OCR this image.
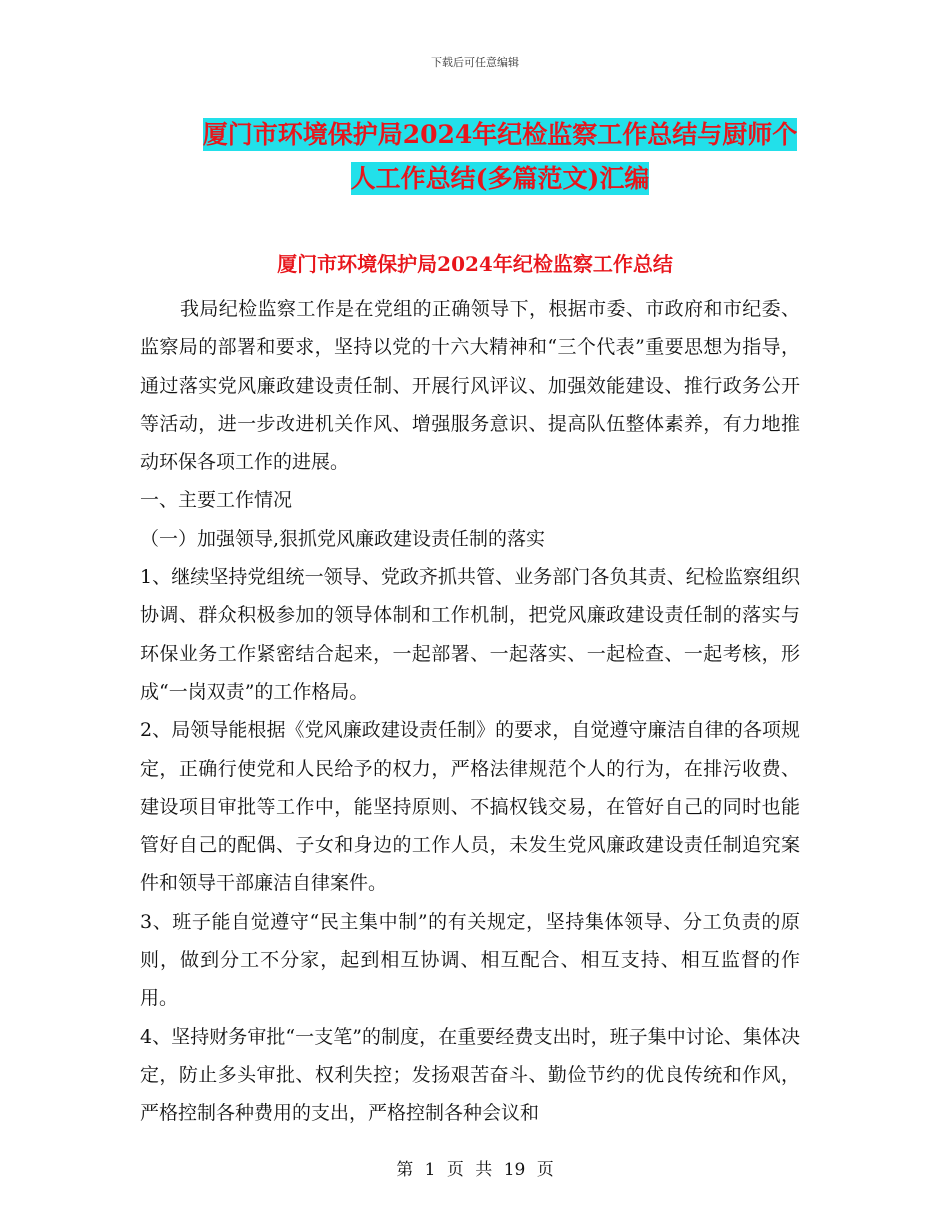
下载后可任意编辑
厦门市环境保护局2024年纪检监察工作总结与厨师个
人工作总结(多篇范文)汇编
厦门市环境保护局2024年纪检监察工作总结

我局纪检监察工作是在党组的正确领导下，根据市委、市政府和市纪委、监察局的部署和要求，坚持以党的十六大精神和“三个代表”重要思想为指导，通过落实党风廉政建设责任制、开展行风评议、加强效能建设、推行政务公开等活动，进一步改进机关作风、增强服务意识、提高队伍整体素养，有力地推动环保各项工作的进展。

一、主要工作情况

（一）加强领导,狠抓党风廉政建设责任制的落实

1、继续坚持党组统一领导、党政齐抓共管、业务部门各负其责、纪检监察组织协调、群众积极参加的领导体制和工作机制，把党风廉政建设责任制的落实与环保业务工作紧密结合起来，一起部署、一起落实、一起检查、一起考核，形成“一岗双责”的工作格局。

2、局领导能根据《党风廉政建设责任制》的要求，自觉遵守廉洁自律的各项规定，正确行使党和人民给予的权力，严格法律规范个人的行为，在排污收费、建设项目审批等工作中，能坚持原则、不搞权钱交易，在管好自己的同时也能管好自己的配偶、子女和身边的工作人员，未发生党风廉政建设责任制追究案件和领导干部廉洁自律案件。

3、班子能自觉遵守“民主集中制”的有关规定，坚持集体领导、分工负责的原则，做到分工不分家，起到相互协调、相互配合、相互支持、相互监督的作用。

4、坚持财务审批“一支笔”的制度，在重要经费支出时，班子集中讨论、集体决定，防止多头审批、权利失控；发扬艰苦奋斗、勤俭节约的优良传统和作风，严格控制各种费用的支出，严格控制各种会议和

第 1 页 共 19 页
